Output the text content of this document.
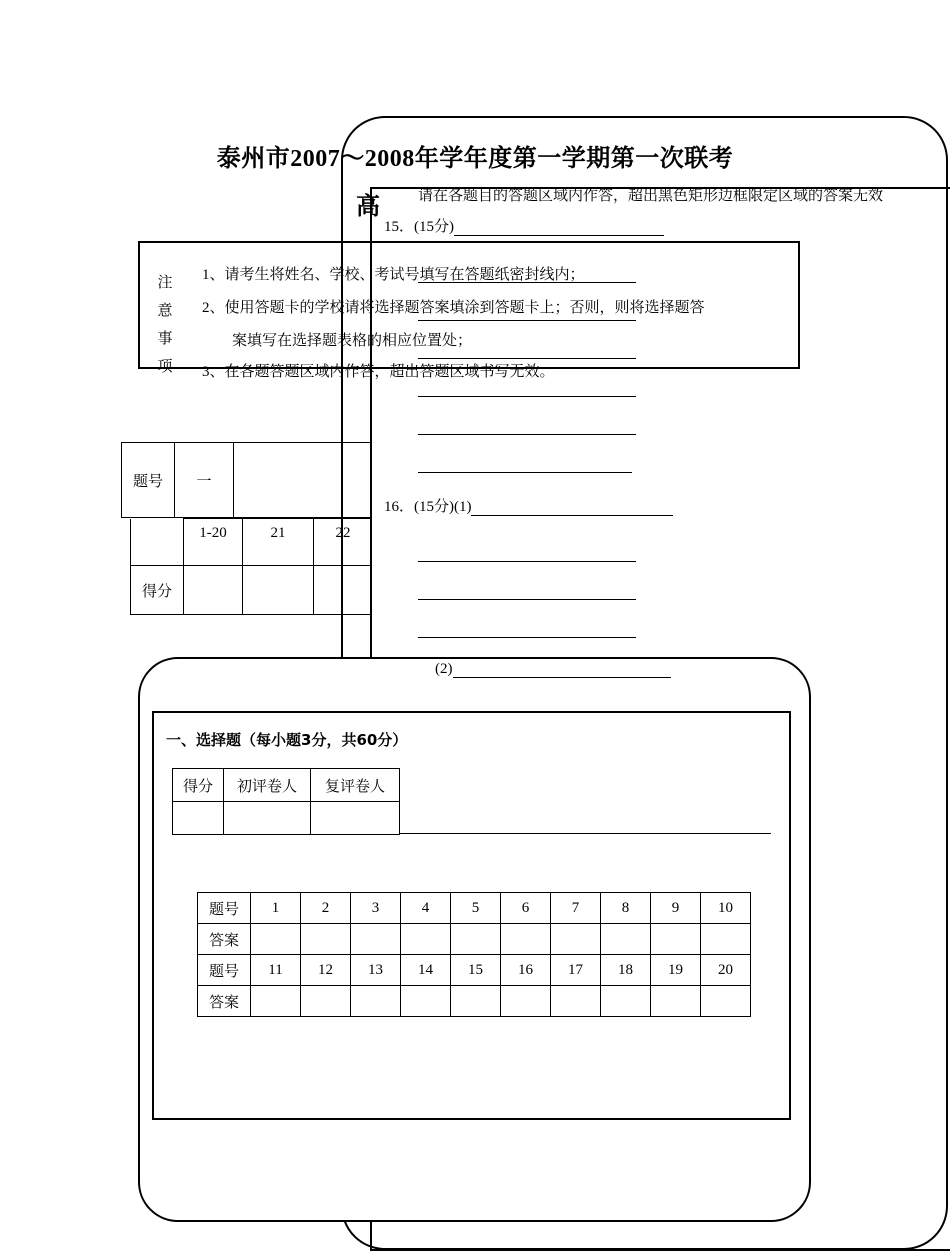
泰州市2007～2008年学年度第一学期第一次联考
高	请在各题目的答题区域内作答，超出黑色矩形边框限定区域的答案无效
15．(15分)
注
意
事
项
1、请考生将姓名、学校、考试号填写在答题纸密封线内；
2、使用答题卡的学校请将选择题答案填涂到答题卡上；否则，则将选择题答
案填写在选择题表格的相应位置处；
3、在各题答题区域内作答，超出答题区域书写无效。
16．(15分)(1)
题号	一	
	1-20	21	22
得分			
(2)
一、选择题（每小题3分，共60分）
得分	初评卷人	复评卷人

题号	1	2	3	4	5	6	7	8	9	10
答案										
题号	11	12	13	14	15	16	17	18	19	20
答案										
